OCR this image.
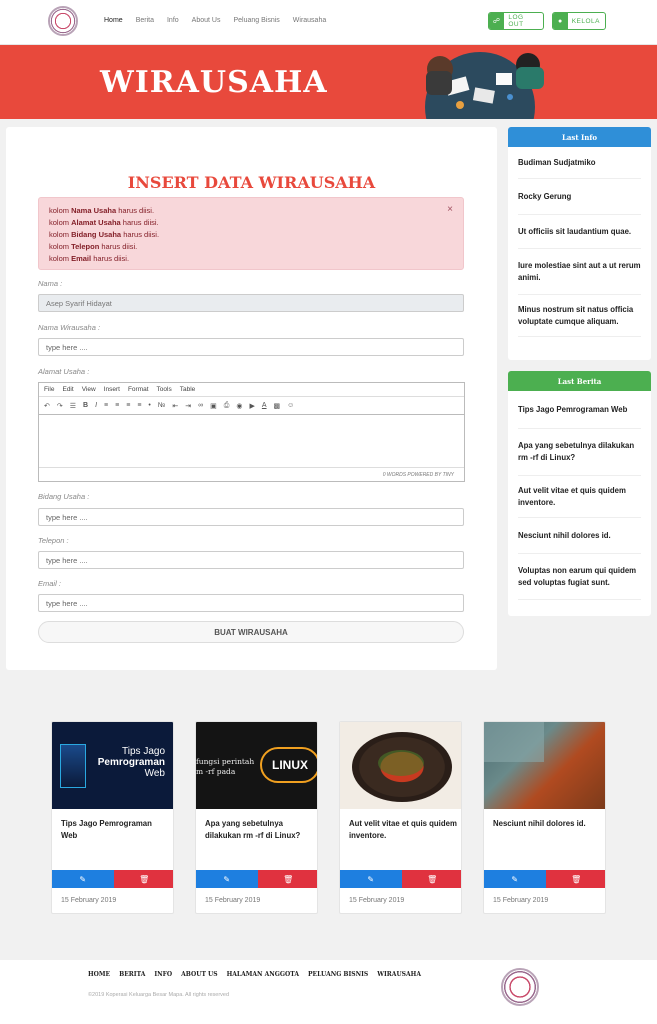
Home Berita Info About Us Peluang Bisnis Wirausaha	☍
LOG OUT	●	KELOLA
WIRAUSAHA
INSERT DATA WIRAUSAHA
kolom Nama Usaha harus diisi.
kolom Alamat Usaha harus diisi.
kolom Bidang Usaha harus diisi.
kolom Telepon harus diisi.
kolom Email harus diisi.
×
Nama :
Asep Syarif Hidayat
Nama Wirausaha :
type here ....
Alamat Usaha :
File Edit View Insert Format Tools Table
↶ ↷ ☰ B I ≡ ≡ ≡ ≡ • № ⇤ ⇥ ∞ ▣ ⎙ ◉ ▶ A ▩ ☺
0 WORDS POWERED BY TINY
Bidang Usaha :
type here ....
Telepon :
type here ....
Email :
type here ....
BUAT WIRAUSAHA
Last Info
Budiman Sudjatmiko
Rocky Gerung
Ut officiis sit laudantium quae.
Iure molestiae sint aut a ut rerum animi.
Minus nostrum sit natus officia voluptate cumque aliquam.
Last Berita
Tips Jago Pemrograman Web
Apa yang sebetulnya dilakukan rm -rf di Linux?
Aut velit vitae et quis quidem inventore.
Nesciunt nihil dolores id.
Voluptas non earum qui quidem sed voluptas fugiat sunt.
Tips Jago
Pemrograman
Web
Tips Jago Pemrograman Web
✎	🗑
15 February 2019
fungsi perintah
m -rf pada	LINUX
Apa yang sebetulnya dilakukan rm -rf di Linux?
✎	🗑
15 February 2019
Aut velit vitae et quis quidem inventore.
✎	🗑
15 February 2019
Nesciunt nihil dolores id.
✎	🗑
15 February 2019
HOME BERITA INFO ABOUT US HALAMAN ANGGOTA PELUANG BISNIS WIRAUSAHA
©2019 Koperasi Keluarga Besar Mapa. All rights reserved
